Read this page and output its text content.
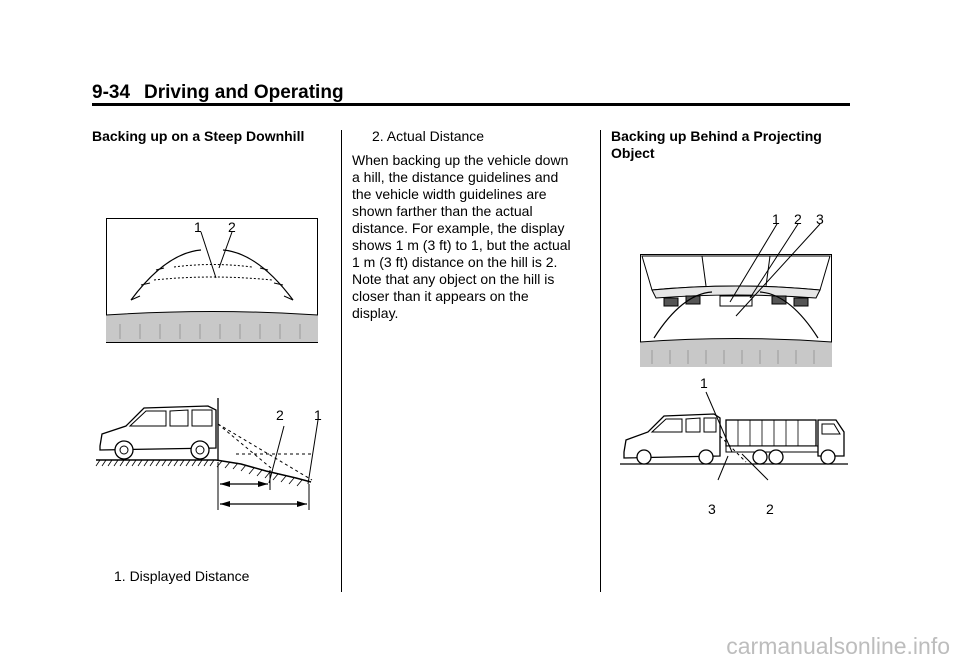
9-34 Driving and Operating
Backing up on a Steep Downhill
1 2
2 1
1. Displayed Distance
2. Actual Distance
When backing up the vehicle down
a hill, the distance guidelines and
the vehicle width guidelines are
shown farther than the actual
distance. For example, the display
shows 1 m (3 ft) to 1, but the actual
1 m (3 ft) distance on the hill is 2.
Note that any object on the hill is
closer than it appears on the
display.
Backing up Behind a Projecting
Object
1 2 3
1
3	2
carmanualsonline.info
